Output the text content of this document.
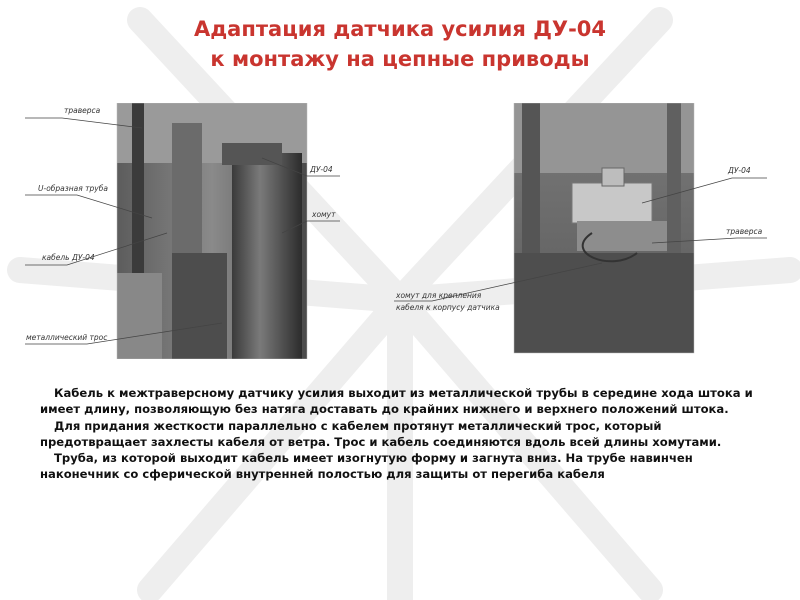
Адаптация датчика усилия ДУ-04
к монтажу на цепные приводы
траверса
U-образная труба
кабель ДУ-04
металлический трос
ДУ-04
хомут
ДУ-04
траверса
хомут для крепления
кабеля к корпусу датчика

Кабель к межтраверсному датчику усилия выходит из металлической трубы в середине хода штока и имеет длину, позволяющую без натяга доставать до крайних нижнего и верхнего положений штока.

Для придания жесткости параллельно с кабелем протянут металлический трос, который предотвращает захлесты кабеля от ветра. Трос и кабель соединяются вдоль всей длины хомутами.

Труба, из которой выходит кабель имеет изогнутую форму и загнута вниз. На трубе навинчен наконечник со сферической внутренней полостью для защиты от перегиба кабеля
